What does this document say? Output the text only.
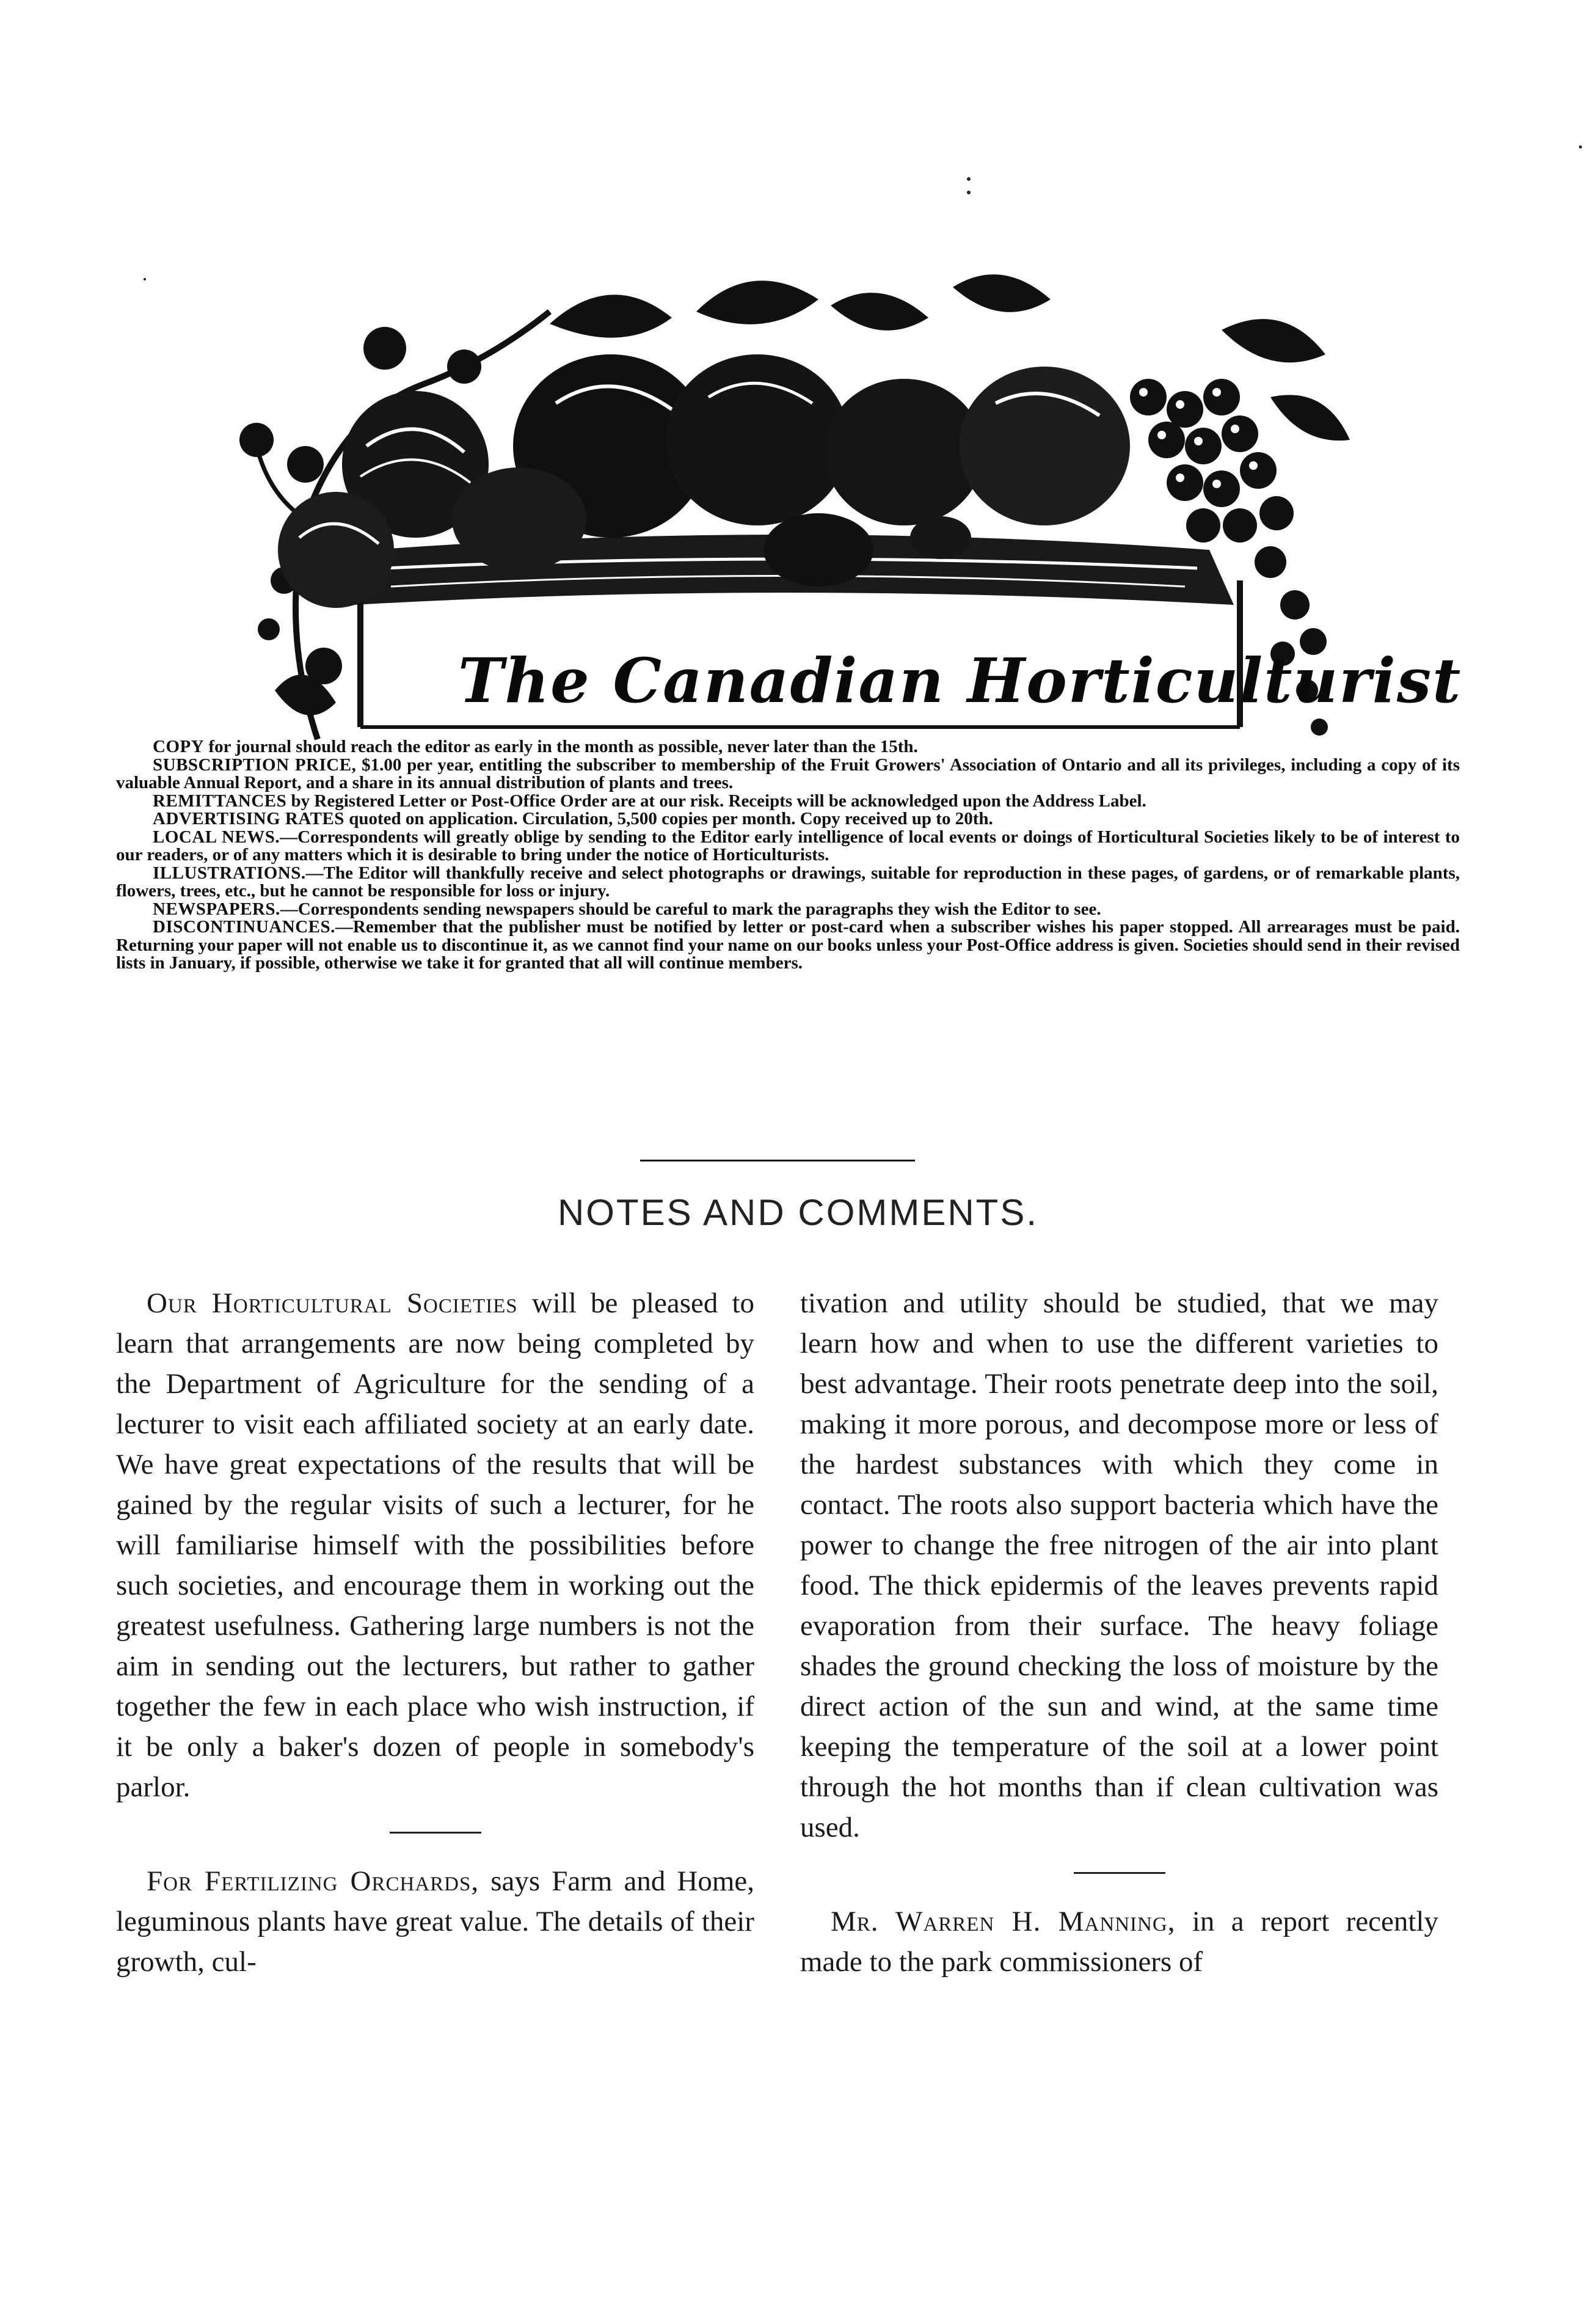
The Canadian Horticulturist

COPY for journal should reach the editor as early in the month as possible, never later than the 15th.

SUBSCRIPTION PRICE, $1.00 per year, entitling the subscriber to membership of the Fruit Growers' Association of Ontario and all its privileges, including a copy of its valuable Annual Report, and a share in its annual distribution of plants and trees.

REMITTANCES by Registered Letter or Post-Office Order are at our risk. Receipts will be acknowledged upon the Address Label.

ADVERTISING RATES quoted on application. Circulation, 5,500 copies per month. Copy received up to 20th.

LOCAL NEWS.—Correspondents will greatly oblige by sending to the Editor early intelligence of local events or doings of Horticultural Societies likely to be of interest to our readers, or of any matters which it is desirable to bring under the notice of Horticulturists.

ILLUSTRATIONS.—The Editor will thankfully receive and select photographs or drawings, suitable for reproduction in these pages, of gardens, or of remarkable plants, flowers, trees, etc., but he cannot be responsible for loss or injury.

NEWSPAPERS.—Correspondents sending newspapers should be careful to mark the paragraphs they wish the Editor to see.

DISCONTINUANCES.—Remember that the publisher must be notified by letter or post-card when a subscriber wishes his paper stopped. All arrearages must be paid. Returning your paper will not enable us to discontinue it, as we cannot find your name on our books unless your Post-Office address is given. Societies should send in their revised lists in January, if possible, otherwise we take it for granted that all will continue members.

NOTES AND COMMENTS.

Our Horticultural Societies will be pleased to learn that arrangements are now being completed by the Department of Agriculture for the sending of a lecturer to visit each affiliated society at an early date. We have great expectations of the results that will be gained by the regular visits of such a lecturer, for he will familiarise himself with the possibilities before such societies, and encourage them in working out the greatest usefulness. Gathering large numbers is not the aim in sending out the lecturers, but rather to gather together the few in each place who wish instruction, if it be only a baker's dozen of people in somebody's parlor.

For Fertilizing Orchards, says Farm and Home, leguminous plants have great value. The details of their growth, cul-

tivation and utility should be studied, that we may learn how and when to use the different varieties to best advantage. Their roots penetrate deep into the soil, making it more porous, and decompose more or less of the hardest substances with which they come in contact. The roots also support bacteria which have the power to change the free nitrogen of the air into plant food. The thick epidermis of the leaves prevents rapid evaporation from their surface. The heavy foliage shades the ground checking the loss of moisture by the direct action of the sun and wind, at the same time keeping the temperature of the soil at a lower point through the hot months than if clean cultivation was used.

Mr. Warren H. Manning, in a report recently made to the park commissioners of
